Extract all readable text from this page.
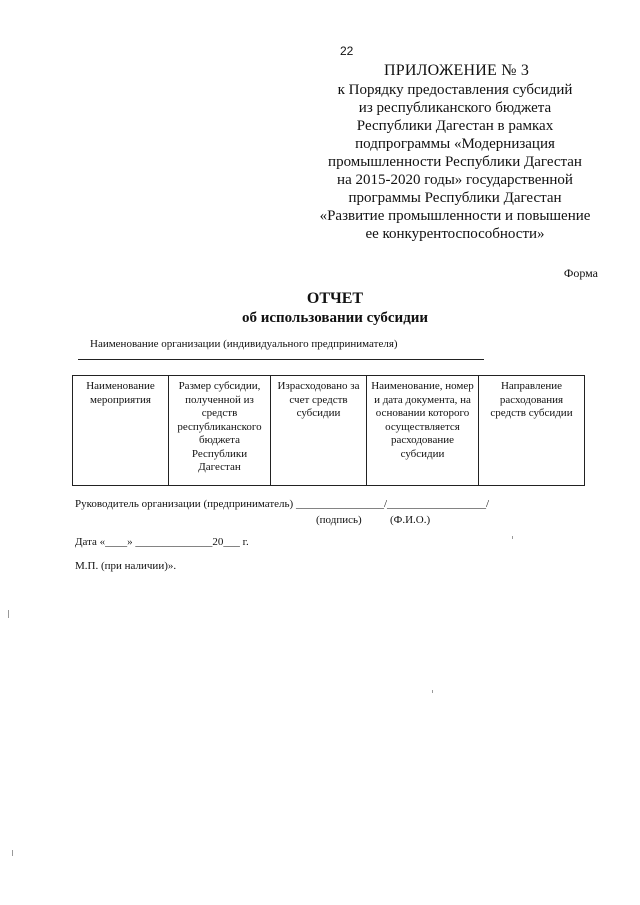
22
ПРИЛОЖЕНИЕ № 3
к Порядку предоставления субсидий
из республиканского бюджета
Республики Дагестан в рамках
подпрограммы «Модернизация
промышленности Республики Дагестан
на 2015-2020 годы» государственной
программы Республики Дагестан
«Развитие промышленности и повышение
ее конкурентоспособности»
Форма
ОТЧЕТ
об использовании субсидии
Наименование организации (индивидуального предпринимателя)
Наименование мероприятия	Размер субсидии, полученной из средств республиканского бюджета Республики Дагестан	Израсходовано за счет средств субсидии	Наименование, номер и дата документа, на основании которого осуществляется расходование субсидии	Направление расходования средств субсидии
Руководитель организации (предприниматель) ________________/__________________/
(подпись)	(Ф.И.О.)
Дата «____» ______________20___ г.
М.П. (при наличии)».
